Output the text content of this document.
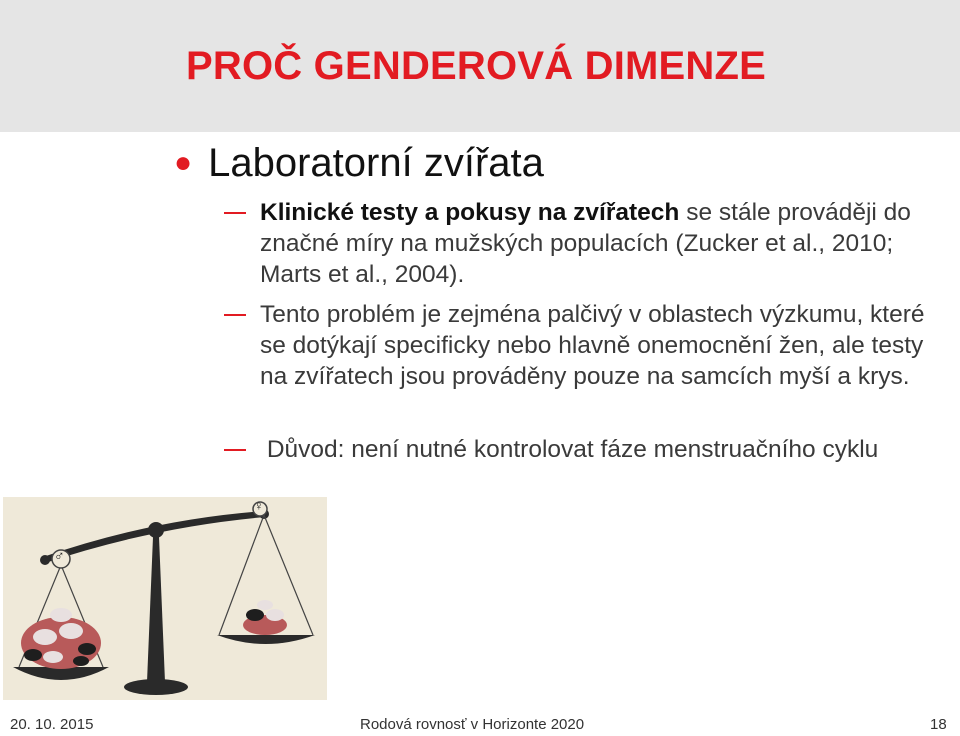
PROČ GENDEROVÁ DIMENZE
● Laboratorní zvířata
Klinické testy a pokusy na zvířatech se stále prováději do značné míry na mužských populacích (Zucker et al., 2010; Marts et al., 2004).
Tento problém je zejména palčivý v oblastech výzkumu, které se dotýkají specificky nebo hlavně onemocnění žen, ale testy na zvířatech jsou prováděny pouze na samcích myší a krys.
Důvod: není nutné kontrolovat fáze menstruačního cyklu
♂
♀
20. 10. 2015	Rodová rovnosť v Horizonte 2020	18
